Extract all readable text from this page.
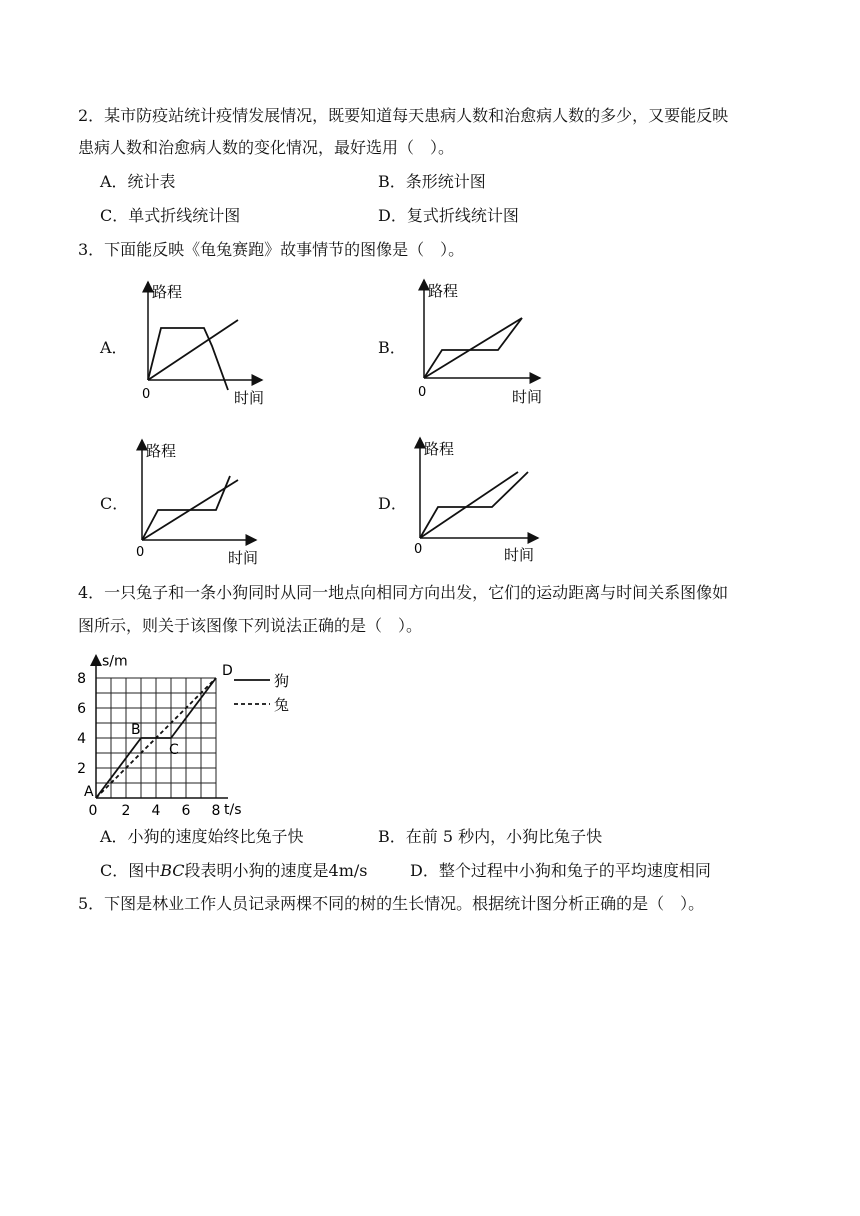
2．某市防疫站统计疫情发展情况，既要知道每天患病人数和治愈病人数的多少，又要能反映
患病人数和治愈病人数的变化情况，最好选用（　）。
A．统计表	B．条形统计图
C．单式折线统计图	D．复式折线统计图
3．下面能反映《龟兔赛跑》故事情节的图像是（　）。
A．
路程
时间
0
B．
路程
时间
0
C．
路程
时间
0
D．
路程
时间
0
4．一只兔子和一条小狗同时从同一地点向相同方向出发，它们的运动距离与时间关系图像如
图所示，则关于该图像下列说法正确的是（　）。
s/m
t/s
0 2 4 6 8
2
4
6
8
A
B
C
D
狗
兔
A．小狗的速度始终比兔子快	B．在前 5 秒内，小狗比兔子快
C．图中BC段表明小狗的速度是4m/s	D．整个过程中小狗和兔子的平均速度相同
5．下图是林业工作人员记录两棵不同的树的生长情况。根据统计图分析正确的是（　）。
